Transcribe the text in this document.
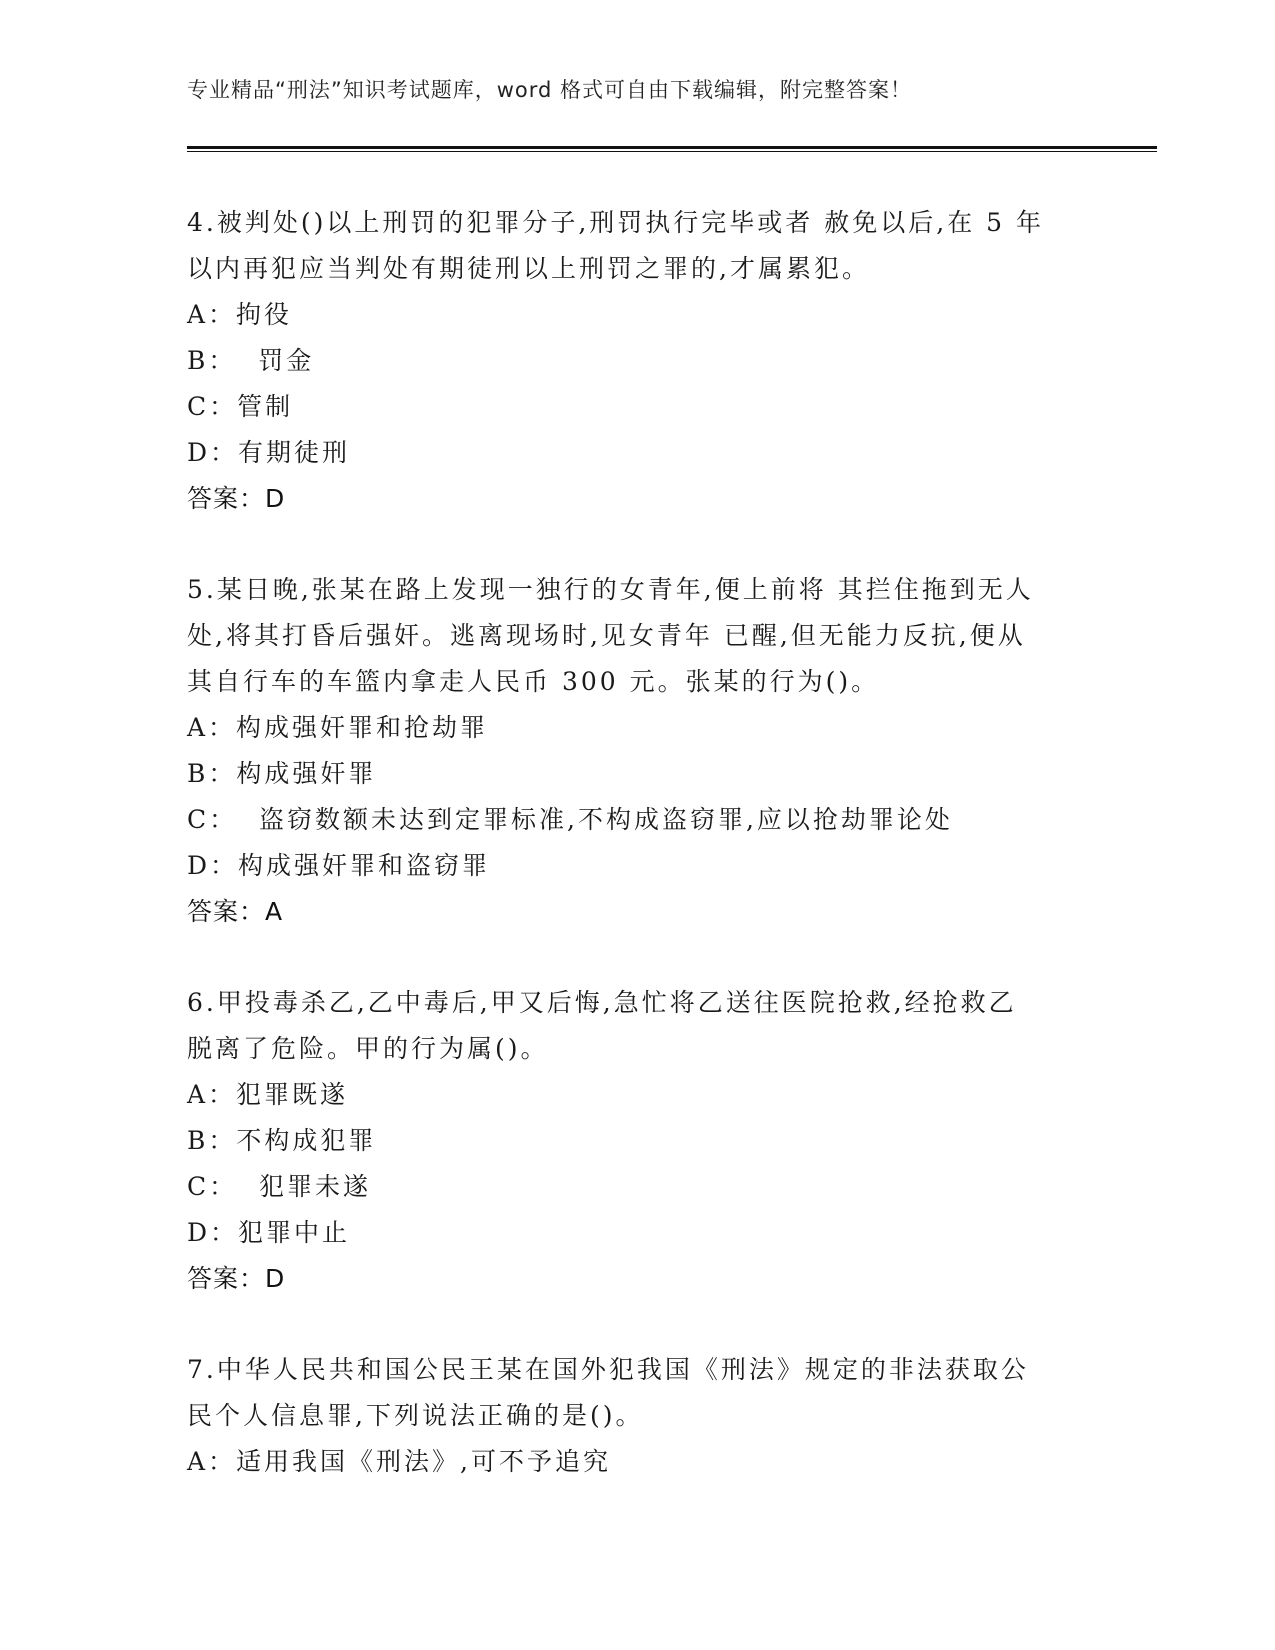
专业精品“刑法”知识考试题库，word 格式可自由下载编辑，附完整答案！

4.被判处()以上刑罚的犯罪分子,刑罚执行完毕或者 赦免以后,在 5 年

以内再犯应当判处有期徒刑以上刑罚之罪的,才属累犯。

A：拘役

B：  罚金

C：管制

D：有期徒刑

答案：D

5.某日晚,张某在路上发现一独行的女青年,便上前将 其拦住拖到无人

处,将其打昏后强奸。逃离现场时,见女青年 已醒,但无能力反抗,便从

其自行车的车篮内拿走人民币 300 元。张某的行为()。

A：构成强奸罪和抢劫罪

B：构成强奸罪

C：  盗窃数额未达到定罪标准,不构成盗窃罪,应以抢劫罪论处

D：构成强奸罪和盗窃罪

答案：A

6.甲投毒杀乙,乙中毒后,甲又后悔,急忙将乙送往医院抢救,经抢救乙

脱离了危险。甲的行为属()。

A：犯罪既遂

B：不构成犯罪

C：  犯罪未遂

D：犯罪中止

答案：D

7.中华人民共和国公民王某在国外犯我国《刑法》规定的非法获取公

民个人信息罪,下列说法正确的是()。

A：适用我国《刑法》,可不予追究
